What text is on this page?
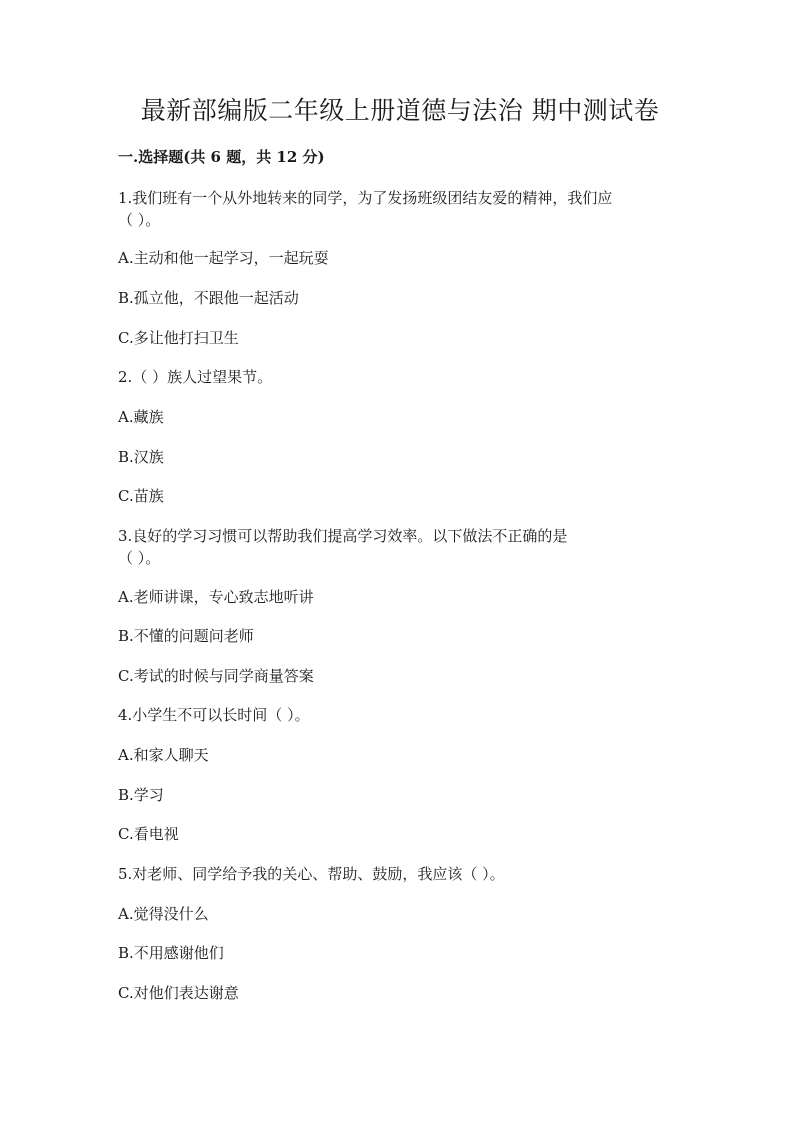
最新部编版二年级上册道德与法治 期中测试卷
一.选择题(共 6 题，共 12 分)
1.我们班有一个从外地转来的同学，为了发扬班级团结友爱的精神，我们应
（ ）。
A.主动和他一起学习，一起玩耍
B.孤立他，不跟他一起活动
C.多让他打扫卫生
2.（ ）族人过望果节。
A.藏族
B.汉族
C.苗族
3.良好的学习习惯可以帮助我们提高学习效率。以下做法不正确的是
（ ）。
A.老师讲课，专心致志地听讲
B.不懂的问题问老师
C.考试的时候与同学商量答案
4.小学生不可以长时间（ ）。
A.和家人聊天
B.学习
C.看电视
5.对老师、同学给予我的关心、帮助、鼓励，我应该（ ）。
A.觉得没什么
B.不用感谢他们
C.对他们表达谢意
